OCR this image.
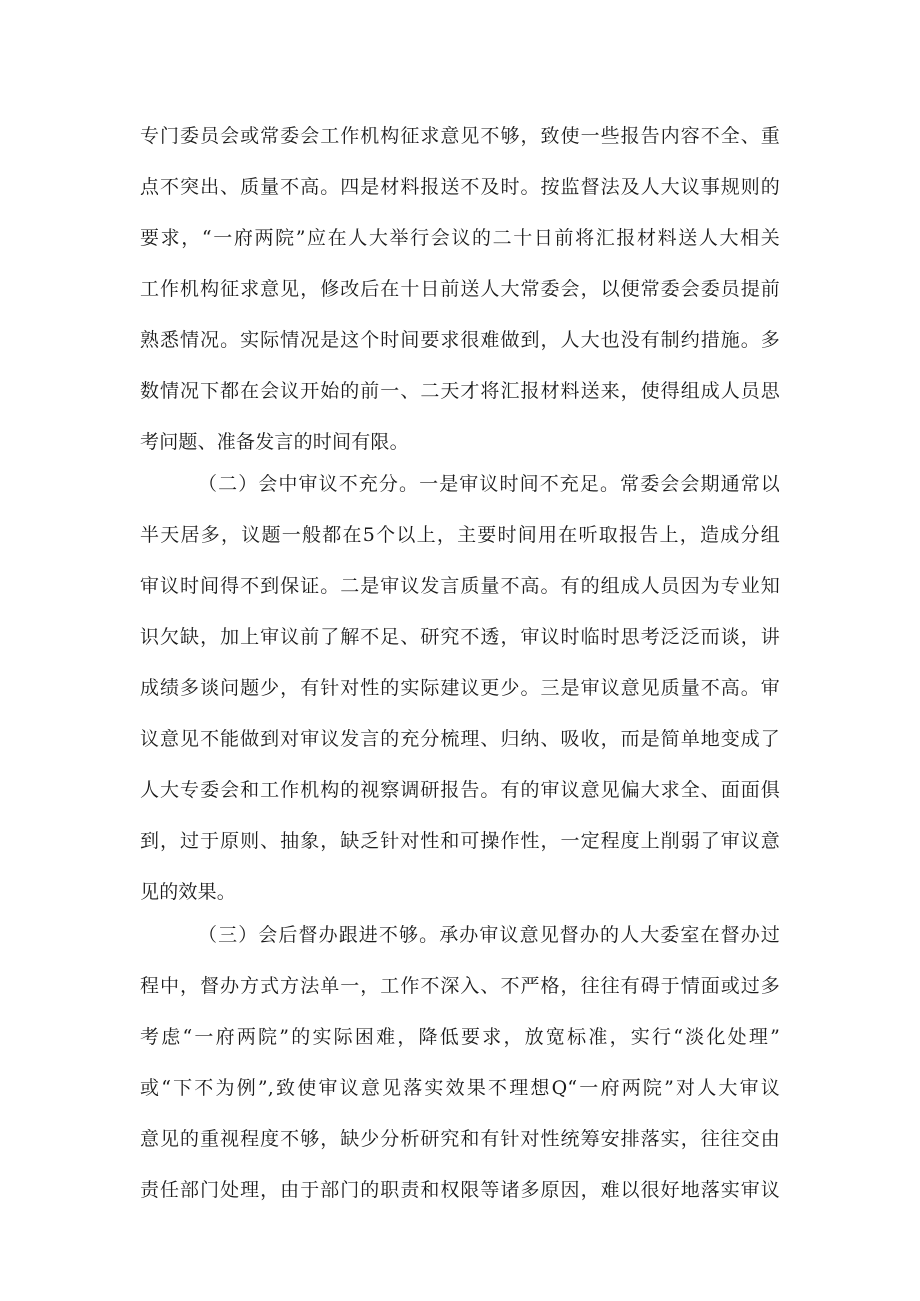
专门委员会或常委会工作机构征求意见不够，致使一些报告内容不全、重
点不突出、质量不高。四是材料报送不及时。按监督法及人大议事规则的
要求，“一府两院”应在人大举行会议的二十日前将汇报材料送人大相关
工作机构征求意见，修改后在十日前送人大常委会，以便常委会委员提前
熟悉情况。实际情况是这个时间要求很难做到，人大也没有制约措施。多
数情况下都在会议开始的前一、二天才将汇报材料送来，使得组成人员思
考问题、准备发言的时间有限。
（二）会中审议不充分。一是审议时间不充足。常委会会期通常以
半天居多，议题一般都在5个以上，主要时间用在听取报告上，造成分组
审议时间得不到保证。二是审议发言质量不高。有的组成人员因为专业知
识欠缺，加上审议前了解不足、研究不透，审议时临时思考泛泛而谈，讲
成绩多谈问题少，有针对性的实际建议更少。三是审议意见质量不高。审
议意见不能做到对审议发言的充分梳理、归纳、吸收，而是简单地变成了
人大专委会和工作机构的视察调研报告。有的审议意见偏大求全、面面俱
到，过于原则、抽象，缺乏针对性和可操作性，一定程度上削弱了审议意
见的效果。
（三）会后督办跟进不够。承办审议意见督办的人大委室在督办过
程中，督办方式方法单一，工作不深入、不严格，往往有碍于情面或过多
考虑“一府两院”的实际困难，降低要求，放宽标准，实行“淡化处理”
或“下不为例”,致使审议意见落实效果不理想Q“一府两院”对人大审议
意见的重视程度不够，缺少分析研究和有针对性统筹安排落实，往往交由
责任部门处理，由于部门的职责和权限等诸多原因，难以很好地落实审议
